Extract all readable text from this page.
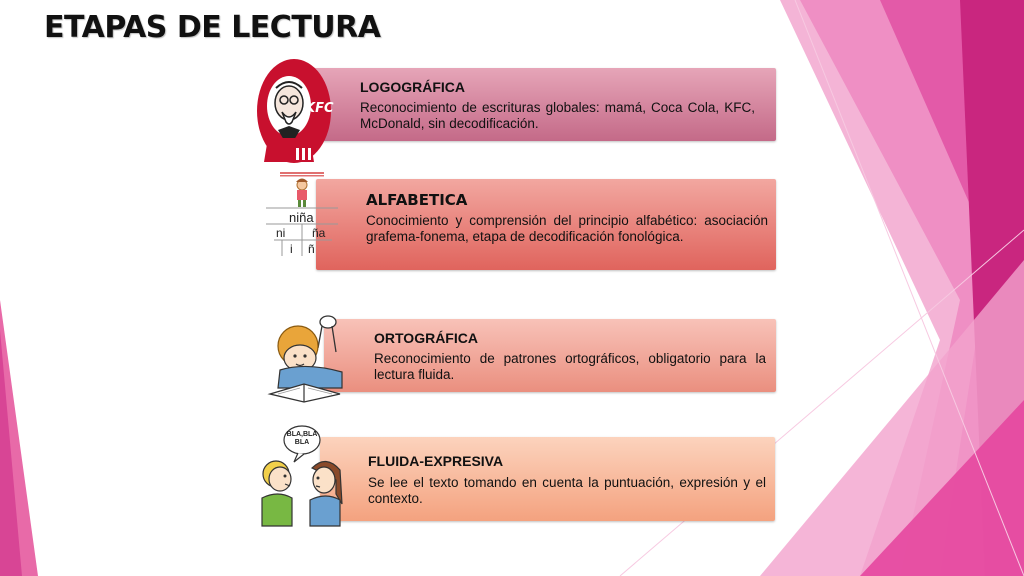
ETAPAS DE LECTURA
LOGOGRÁFICA
Reconocimiento de escrituras globales: mamá, Coca Cola, KFC, McDonald, sin decodificación.
ALFABETICA
Conocimiento y comprensión del principio alfabético: asociación grafema-fonema, etapa de decodificación fonológica.
ORTOGRÁFICA
Reconocimiento de patrones ortográficos, obligatorio para la lectura fluida.
FLUIDA-EXPRESIVA
Se lee el texto tomando en cuenta la puntuación, expresión y el contexto.
KFC
niña
ni ña
i ñ
BLA,BLA BLA
